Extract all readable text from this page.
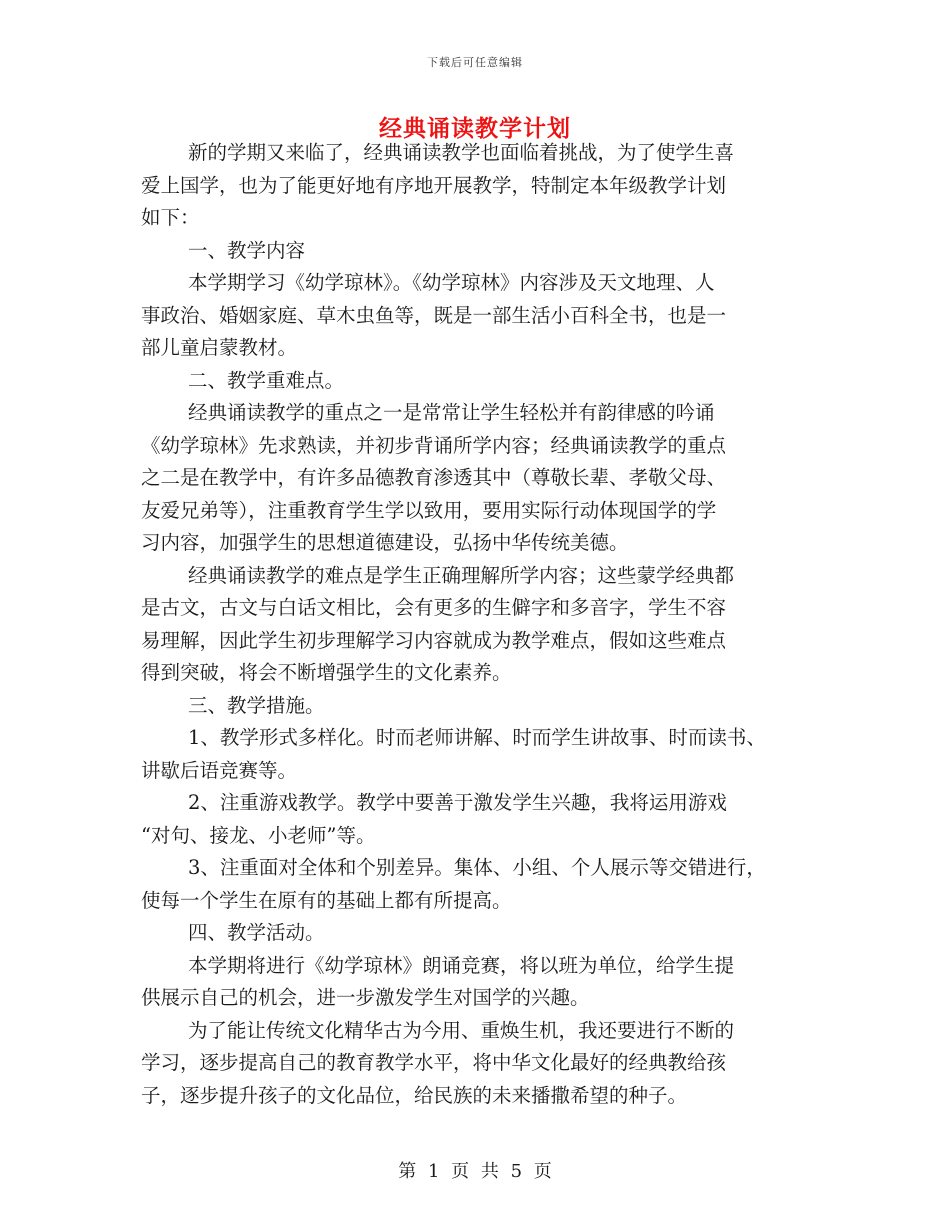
下载后可任意编辑
经典诵读教学计划
新的学期又来临了，经典诵读教学也面临着挑战，为了使学生喜
爱上国学，也为了能更好地有序地开展教学，特制定本年级教学计划
如下：
一、教学内容
本学期学习《幼学琼林》。《幼学琼林》内容涉及天文地理、人
事政治、婚姻家庭、草木虫鱼等，既是一部生活小百科全书，也是一
部儿童启蒙教材。
二、教学重难点。
经典诵读教学的重点之一是常常让学生轻松并有韵律感的吟诵
《幼学琼林》先求熟读，并初步背诵所学内容；经典诵读教学的重点
之二是在教学中，有许多品德教育渗透其中（尊敬长辈、孝敬父母、
友爱兄弟等），注重教育学生学以致用，要用实际行动体现国学的学
习内容，加强学生的思想道德建设，弘扬中华传统美德。
经典诵读教学的难点是学生正确理解所学内容；这些蒙学经典都
是古文，古文与白话文相比，会有更多的生僻字和多音字，学生不容
易理解，因此学生初步理解学习内容就成为教学难点，假如这些难点
得到突破，将会不断增强学生的文化素养。
三、教学措施。
1、教学形式多样化。时而老师讲解、时而学生讲故事、时而读书、
讲歇后语竞赛等。
2、注重游戏教学。教学中要善于激发学生兴趣，我将运用游戏
“对句、接龙、小老师”等。
3、注重面对全体和个别差异。集体、小组、个人展示等交错进行，
使每一个学生在原有的基础上都有所提高。
四、教学活动。
本学期将进行《幼学琼林》朗诵竞赛，将以班为单位，给学生提
供展示自己的机会，进一步激发学生对国学的兴趣。
为了能让传统文化精华古为今用、重焕生机，我还要进行不断的
学习，逐步提高自己的教育教学水平，将中华文化最好的经典教给孩
子，逐步提升孩子的文化品位，给民族的未来播撒希望的种子。
第 1 页 共 5 页
